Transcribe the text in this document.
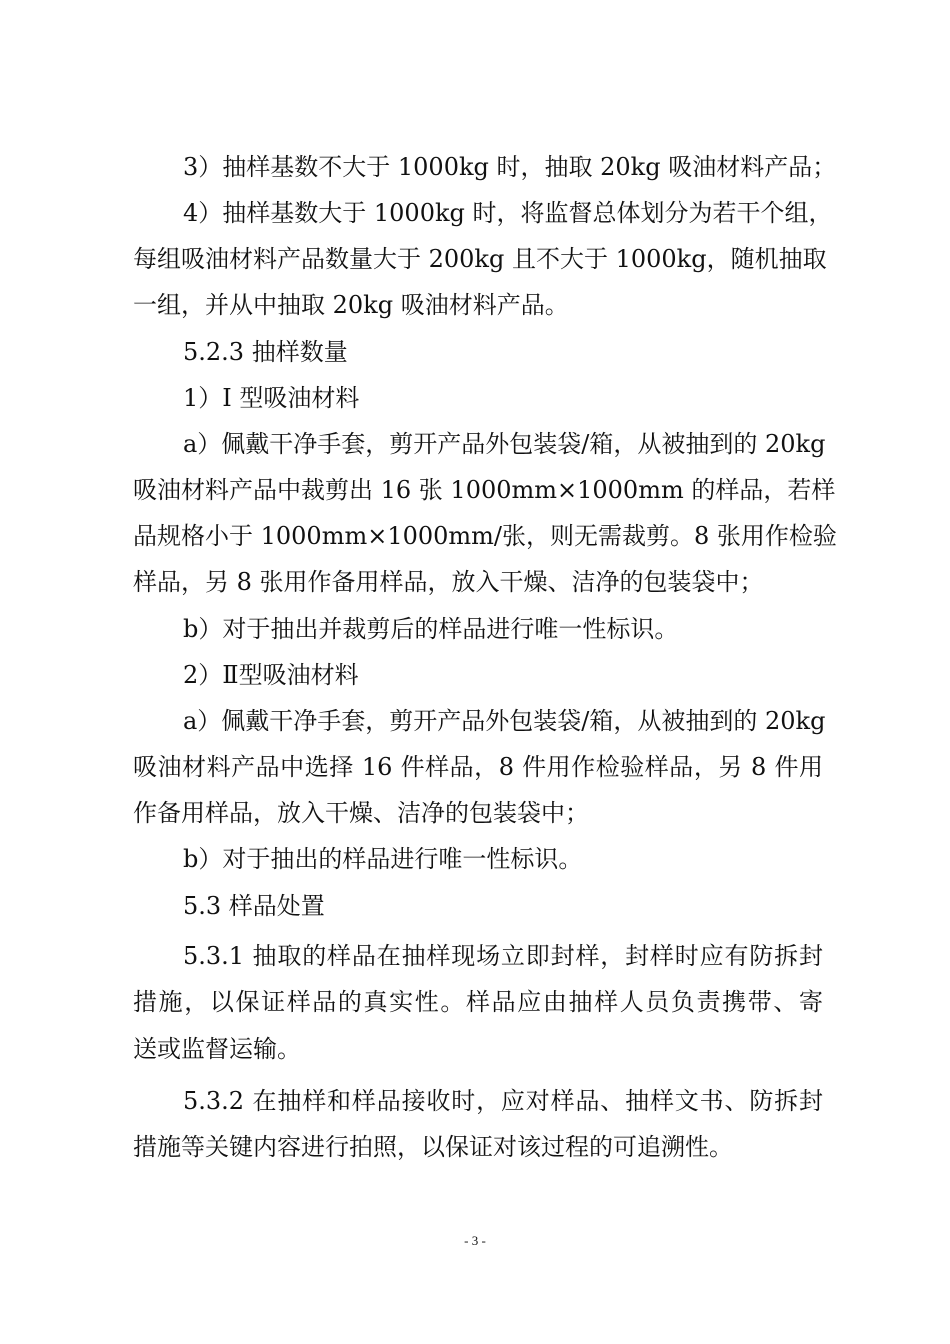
3）抽样基数不大于 1000kg 时，抽取 20kg 吸油材料产品；
4）抽样基数大于 1000kg 时，将监督总体划分为若干个组，
每组吸油材料产品数量大于 200kg 且不大于 1000kg，随机抽取
一组，并从中抽取 20kg 吸油材料产品。
5.2.3 抽样数量
1）I 型吸油材料
a）佩戴干净手套，剪开产品外包装袋/箱，从被抽到的 20kg
吸油材料产品中裁剪出 16 张 1000mm×1000mm 的样品，若样
品规格小于 1000mm×1000mm/张，则无需裁剪。8 张用作检验
样品，另 8 张用作备用样品，放入干燥、洁净的包装袋中；
b）对于抽出并裁剪后的样品进行唯一性标识。
2）Ⅱ型吸油材料
a）佩戴干净手套，剪开产品外包装袋/箱，从被抽到的 20kg
吸油材料产品中选择 16 件样品，8 件用作检验样品，另 8 件用
作备用样品，放入干燥、洁净的包装袋中；
b）对于抽出的样品进行唯一性标识。
5.3 样品处置
5.3.1 抽取的样品在抽样现场立即封样，封样时应有防拆封
措施，以保证样品的真实性。样品应由抽样人员负责携带、寄
送或监督运输。
5.3.2 在抽样和样品接收时，应对样品、抽样文书、防拆封
措施等关键内容进行拍照，以保证对该过程的可追溯性。
- 3 -
